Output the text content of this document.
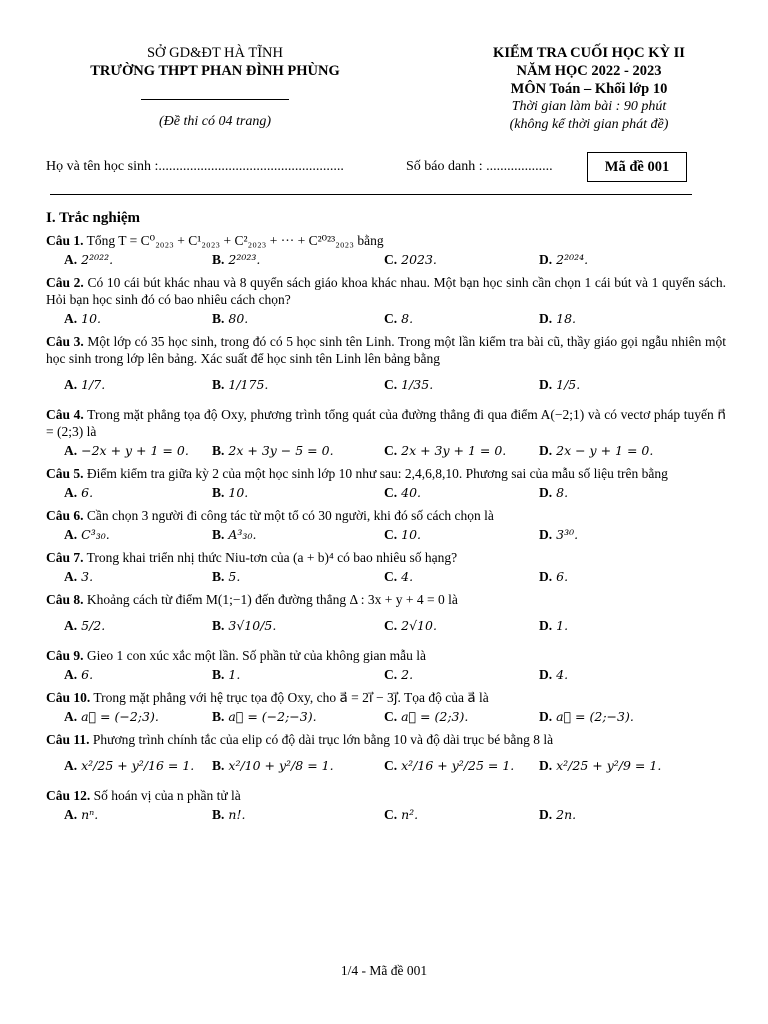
SỞ GD&ĐT HÀ TĨNH
TRƯỜNG THPT PHAN ĐÌNH PHÙNG
(Đề thi có 04 trang)
KIỂM TRA CUỐI HỌC KỲ II
NĂM HỌC 2022 - 2023
MÔN Toán – Khối lớp 10
Thời gian làm bài : 90 phút
(không kể thời gian phát đề)
Họ và tên học sinh :.....................................................	Số báo danh : ...................	Mã đề 001
I. Trắc nghiệm
Câu 1. Tổng T = C⁰₂₀₂₃ + C¹₂₀₂₃ + C²₂₀₂₃ + ··· + C²⁰²³₂₀₂₃ bằng
A. 2²⁰²².	B. 2²⁰²³.	C. 2023.	D. 2²⁰²⁴.
Câu 2. Có 10 cái bút khác nhau và 8 quyển sách giáo khoa khác nhau. Một bạn học sinh cần chọn 1 cái bút và 1 quyển sách. Hỏi bạn học sinh đó có bao nhiêu cách chọn?
A. 10.	B. 80.	C. 8.	D. 18.
Câu 3. Một lớp có 35 học sinh, trong đó có 5 học sinh tên Linh. Trong một lần kiểm tra bài cũ, thầy giáo gọi ngẫu nhiên một học sinh trong lớp lên bảng. Xác suất để học sinh tên Linh lên bảng bằng
A. 1/7.	B. 1/175.	C. 1/35.	D. 1/5.
Câu 4. Trong mặt phẳng tọa độ Oxy, phương trình tổng quát của đường thẳng đi qua điểm A(−2;1) và có vectơ pháp tuyến n⃗ = (2;3) là
A. −2x + y + 1 = 0. B. 2x + 3y − 5 = 0.	C. 2x + 3y + 1 = 0. D. 2x − y + 1 = 0.
Câu 5. Điểm kiểm tra giữa kỳ 2 của một học sinh lớp 10 như sau: 2,4,6,8,10. Phương sai của mẫu số liệu trên bằng
A. 6.	B. 10.	C. 40.	D. 8.
Câu 6. Cần chọn 3 người đi công tác từ một tổ có 30 người, khi đó số cách chọn là
A. C³₃₀.	B. A³₃₀.	C. 10.	D. 3³⁰.
Câu 7. Trong khai triển nhị thức Niu-tơn của (a + b)⁴ có bao nhiêu số hạng?
A. 3.	B. 5.	C. 4.	D. 6.
Câu 8. Khoảng cách từ điểm M(1;−1) đến đường thẳng Δ : 3x + y + 4 = 0 là
A. 5/2.	B. 3√10/5.	C. 2√10.	D. 1.
Câu 9. Gieo 1 con xúc xắc một lần. Số phần tử của không gian mẫu là
A. 6.	B. 1.	C. 2.	D. 4.
Câu 10. Trong mặt phẳng với hệ trục tọa độ Oxy, cho a⃗ = 2i⃗ − 3j⃗. Tọa độ của a⃗ là
A. a⃗ = (−2;3).	B. a⃗ = (−2;−3).	C. a⃗ = (2;3).	D. a⃗ = (2;−3).
Câu 11. Phương trình chính tắc của elip có độ dài trục lớn bằng 10 và độ dài trục bé bằng 8 là
A. x²/25 + y²/16 = 1. B. x²/10 + y²/8 = 1.	C. x²/16 + y²/25 = 1. D. x²/25 + y²/9 = 1.
Câu 12. Số hoán vị của n phần tử là
A. nⁿ.	B. n!.	C. n².	D. 2n.
1/4 - Mã đề 001
